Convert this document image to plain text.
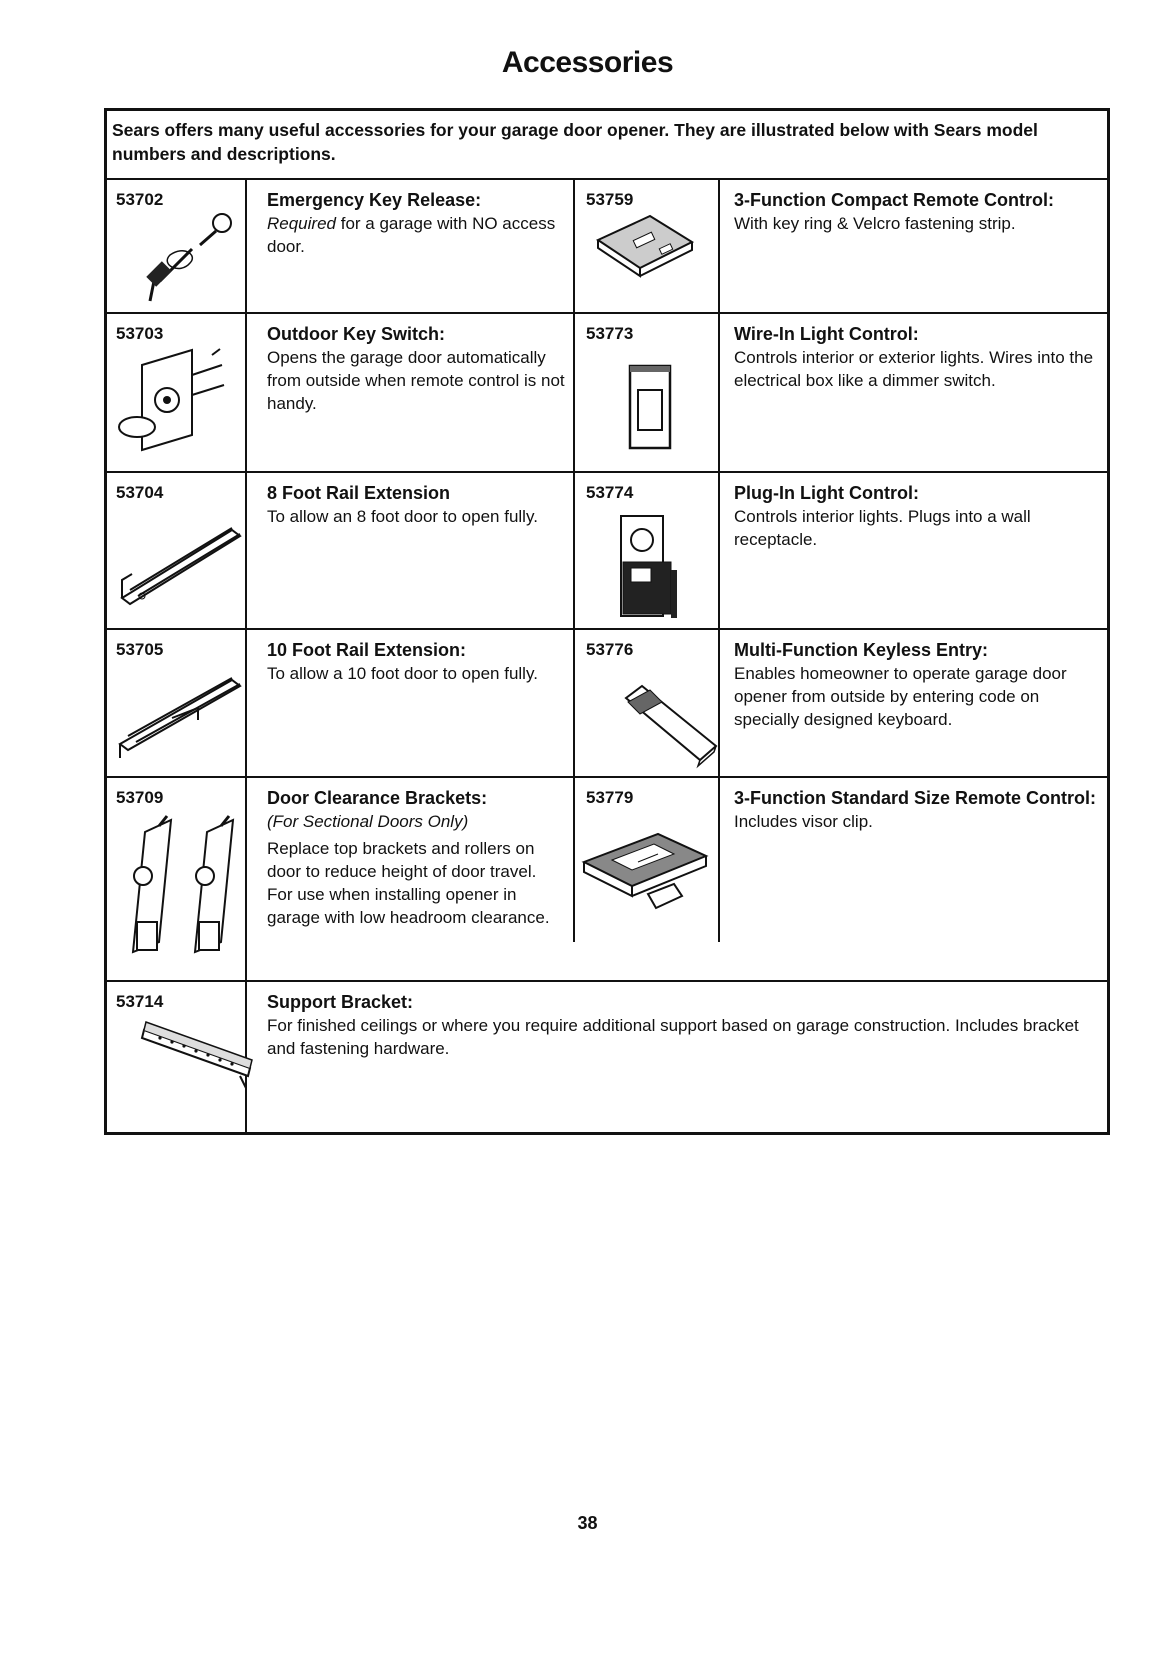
Accessories
Sears offers many useful accessories for your garage door opener. They are illustrated below with Sears model numbers and descriptions.
53702	Emergency Key Release:
Required for a garage with NO access door.
53759	3-Function Compact Remote Control:
With key ring & Velcro fastening strip.
53703	Outdoor Key Switch:
Opens the garage door automatically from outside when remote control is not handy.
53773	Wire-In Light Control:
Controls interior or exterior lights. Wires into the electrical box like a dimmer switch.
53704	8 Foot Rail Extension
To allow an 8 foot door to open fully.
53774	Plug-In Light Control:
Controls interior lights. Plugs into a wall receptacle.
53705	10 Foot Rail Extension:
To allow a 10 foot door to open fully.
53776	Multi-Function Keyless Entry:
Enables homeowner to operate garage door opener from outside by entering code on specially designed keyboard.
53709	Door Clearance Brackets:
(For Sectional Doors Only)
Replace top brackets and rollers on door to reduce height of door travel. For use when installing opener in garage with low headroom clearance.
53779	3-Function Standard Size Remote Control:
Includes visor clip.
53714	Support Bracket:
For finished ceilings or where you require additional support based on garage construction. Includes bracket and fastening hardware.
38
